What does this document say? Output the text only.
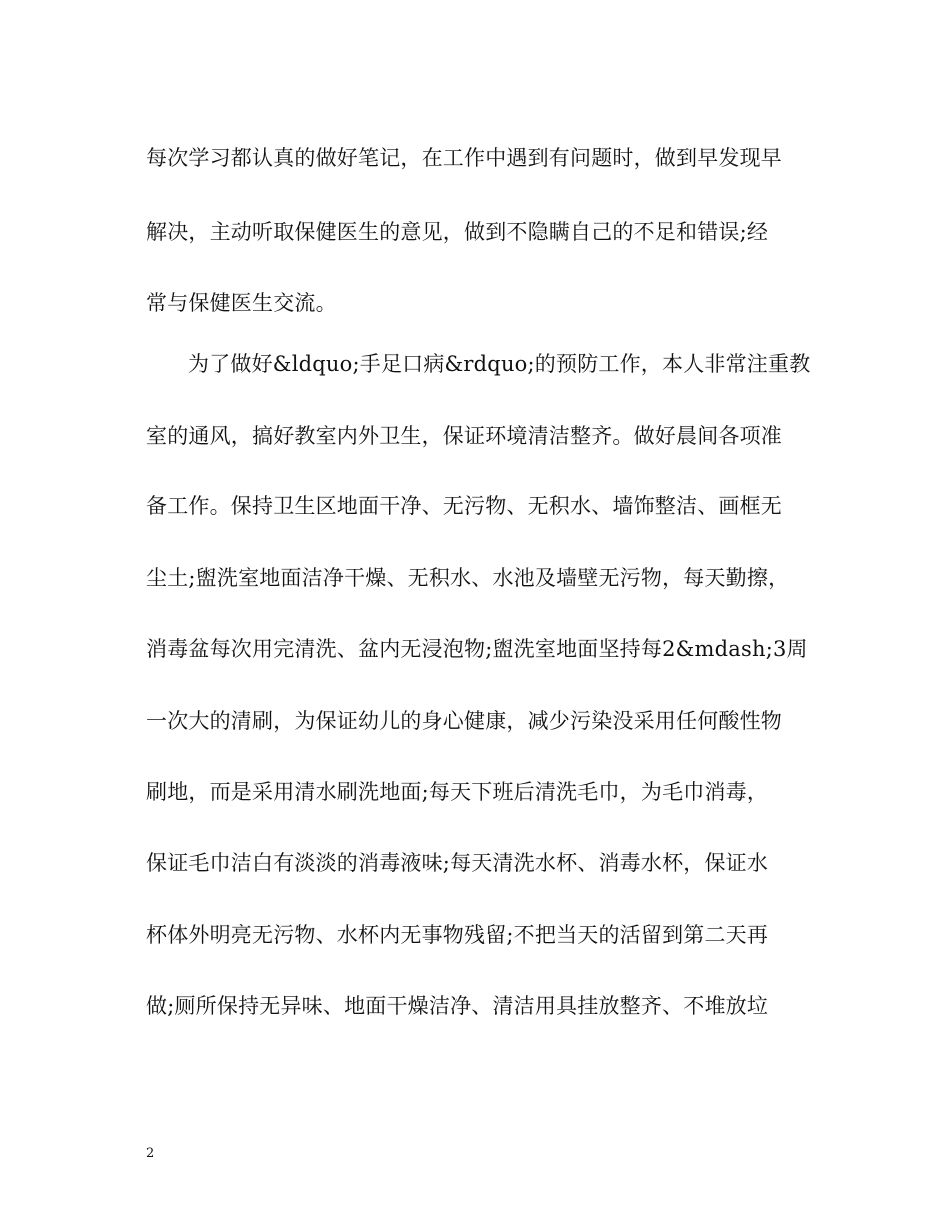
每次学习都认真的做好笔记，在工作中遇到有问题时，做到早发现早
解决，主动听取保健医生的意见，做到不隐瞒自己的不足和错误;经
常与保健医生交流。
为了做好&ldquo;手足口病&rdquo;的预防工作，本人非常注重教
室的通风，搞好教室内外卫生，保证环境清洁整齐。做好晨间各项准
备工作。保持卫生区地面干净、无污物、无积水、墙饰整洁、画框无
尘土;盥洗室地面洁净干燥、无积水、水池及墙壁无污物，每天勤擦，
消毒盆每次用完清洗、盆内无浸泡物;盥洗室地面坚持每2&mdash;3周
一次大的清刷，为保证幼儿的身心健康，减少污染没采用任何酸性物
刷地，而是采用清水刷洗地面;每天下班后清洗毛巾，为毛巾消毒，
保证毛巾洁白有淡淡的消毒液味;每天清洗水杯、消毒水杯，保证水
杯体外明亮无污物、水杯内无事物残留;不把当天的活留到第二天再
做;厕所保持无异味、地面干燥洁净、清洁用具挂放整齐、不堆放垃
2
